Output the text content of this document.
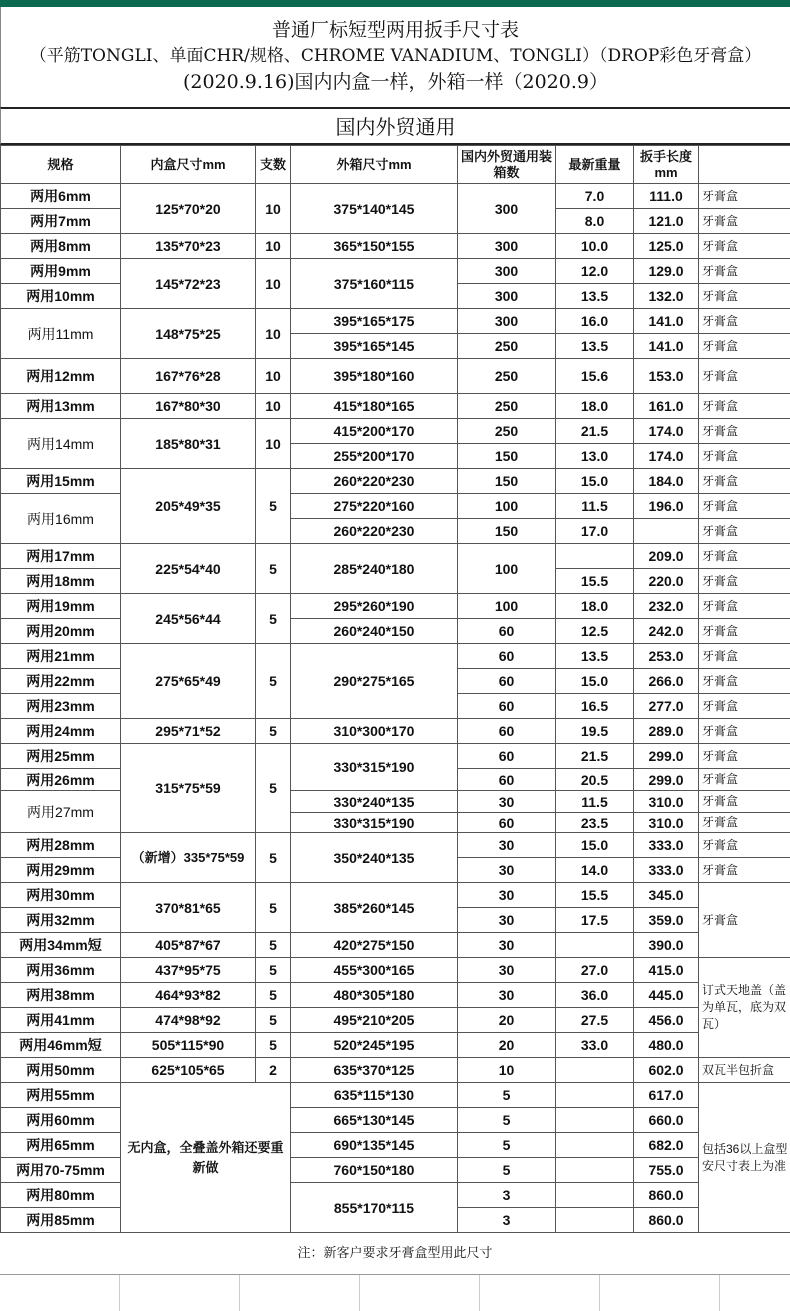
普通厂标短型两用扳手尺寸表
（平筋TONGLI、单面CHR/规格、CHROME VANADIUM、TONGLI）（DROP彩色牙膏盒）
(2020.9.16)国内内盒一样，外箱一样（2020.9）
国内外贸通用
规格	内盒尺寸mm	支数	外箱尺寸mm	国内外贸通用装箱数	最新重量	扳手长度mm	
两用6mm	125*70*20	10	375*140*145	300	7.0	111.0	牙膏盒
两用7mm					8.0	121.0	牙膏盒
两用8mm	135*70*23	10	365*150*155	300	10.0	125.0	牙膏盒
两用9mm	145*72*23	10	375*160*115	300	12.0	129.0	牙膏盒
两用10mm				300	13.5	132.0	牙膏盒
两用11mm	148*75*25	10	395*165*175	300	16.0	141.0	牙膏盒
			395*165*145	250	13.5	141.0	牙膏盒
两用12mm	167*76*28	10	395*180*160	250	15.6	153.0	牙膏盒
两用13mm	167*80*30	10	415*180*165	250	18.0	161.0	牙膏盒
两用14mm	185*80*31	10	415*200*170	250	21.5	174.0	牙膏盒
			255*200*170	150	13.0	174.0	牙膏盒
两用15mm	205*49*35	5	260*220*230	150	15.0	184.0	牙膏盒
两用16mm			275*220*160	100	11.5	196.0	牙膏盒
			260*220*230	150	17.0		牙膏盒
两用17mm	225*54*40	5	285*240*180	100		209.0	牙膏盒
两用18mm					15.5	220.0	牙膏盒
两用19mm	245*56*44	5	295*260*190	100	18.0	232.0	牙膏盒
两用20mm			260*240*150	60	12.5	242.0	牙膏盒
两用21mm	275*65*49	5	290*275*165	60	13.5	253.0	牙膏盒
两用22mm				60	15.0	266.0	牙膏盒
两用23mm				60	16.5	277.0	牙膏盒
两用24mm	295*71*52	5	310*300*170	60	19.5	289.0	牙膏盒
两用25mm	315*75*59	5	330*315*190	60	21.5	299.0	牙膏盒
两用26mm				60	20.5	299.0	牙膏盒
两用27mm			330*240*135	30	11.5	310.0	牙膏盒
			330*315*190	60	23.5	310.0	牙膏盒
两用28mm	（新增）335*75*59	5	350*240*135	30	15.0	333.0	牙膏盒
两用29mm				30	14.0	333.0	牙膏盒
两用30mm	370*81*65	5	385*260*145	30	15.5	345.0	牙膏盒
两用32mm				30	17.5	359.0	
两用34mm短	405*87*67	5	420*275*150	30		390.0	
两用36mm	437*95*75	5	455*300*165	30	27.0	415.0	订式天地盖（盖为单瓦，底为双瓦）
两用38mm	464*93*82	5	480*305*180	30	36.0	445.0	
两用41mm	474*98*92	5	495*210*205	20	27.5	456.0	
两用46mm短	505*115*90	5	520*245*195	20	33.0	480.0	
两用50mm	625*105*65	2	635*370*125	10		602.0	双瓦半包折盒
两用55mm	无内盒，全叠盖外箱还要重新做		635*115*130	5		617.0	包括36以上盒型安尺寸表上为准
两用60mm			665*130*145	5		660.0	
两用65mm			690*135*145	5		682.0	
两用70-75mm			760*150*180	5		755.0	
两用80mm			855*170*115	3		860.0	
两用85mm				3		860.0	
注：新客户要求牙膏盒型用此尺寸
